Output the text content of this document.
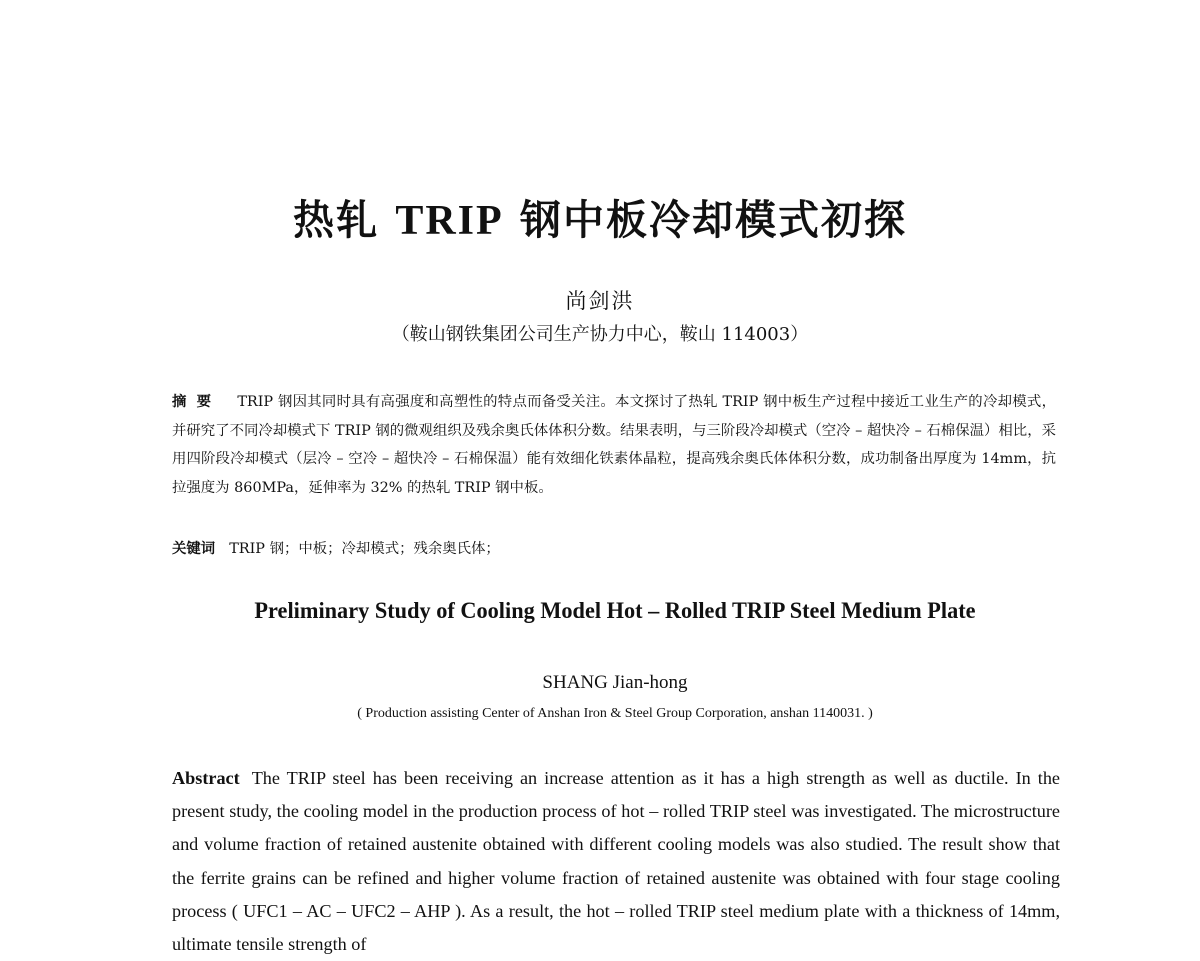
热轧 TRIP 钢中板冷却模式初探
尚剑洪
（鞍山钢铁集团公司生产协力中心，鞍山 114003）
摘要 TRIP 钢因其同时具有高强度和高塑性的特点而备受关注。本文探讨了热轧 TRIP 钢中板生产过程中接近工业生产的冷却模式，并研究了不同冷却模式下 TRIP 钢的微观组织及残余奥氏体体积分数。结果表明，与三阶段冷却模式（空冷 – 超快冷 – 石棉保温）相比，采用四阶段冷却模式（层冷 – 空冷 – 超快冷 – 石棉保温）能有效细化铁素体晶粒，提高残余奥氏体体积分数，成功制备出厚度为 14mm，抗拉强度为 860MPa，延伸率为 32% 的热轧 TRIP 钢中板。
关键词 TRIP 钢；中板；冷却模式；残余奥氏体；
Preliminary Study of Cooling Model Hot – Rolled TRIP Steel Medium Plate
SHANG Jian-hong
( Production assisting Center of Anshan Iron & Steel Group Corporation, anshan 1140031. )
Abstract The TRIP steel has been receiving an increase attention as it has a high strength as well as ductile. In the present study, the cooling model in the production process of hot – rolled TRIP steel was investigated. The microstructure and volume fraction of retained austenite obtained with different cooling models was also studied. The result show that the ferrite grains can be refined and higher volume fraction of retained austenite was obtained with four stage cooling process ( UFC1 – AC – UFC2 – AHP ). As a result, the hot – rolled TRIP steel medium plate with a thickness of 14mm, ultimate tensile strength of
